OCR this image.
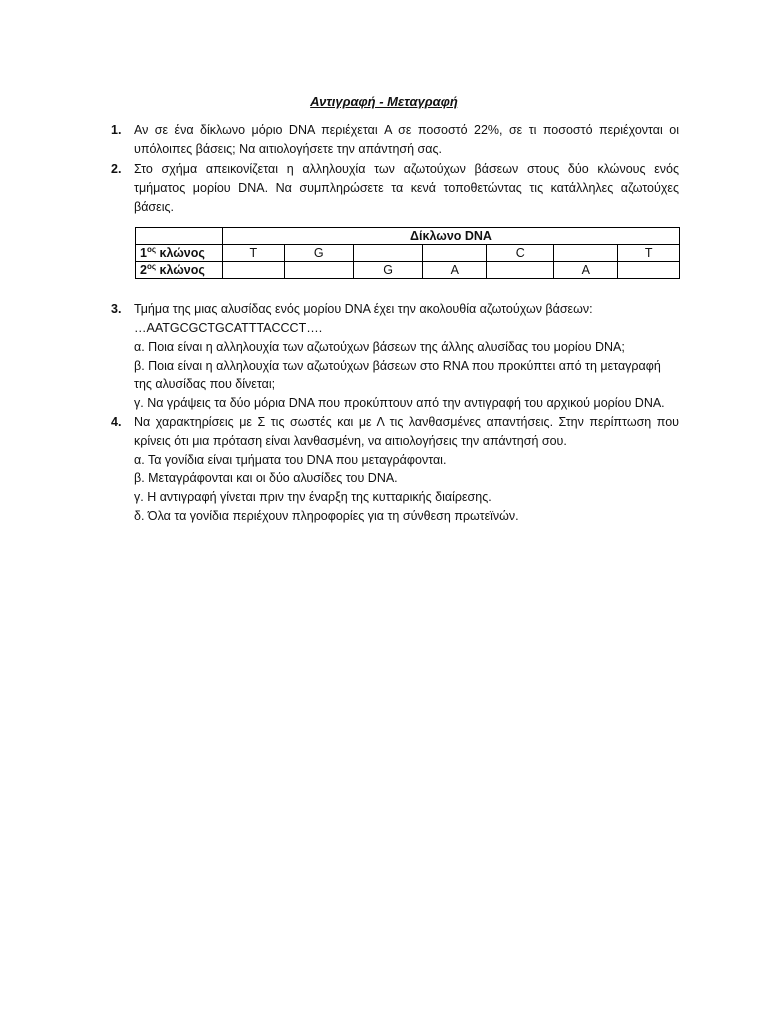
Αντιγραφή - Μεταγραφή
1. Αν σε ένα δίκλωνο μόριο DNA περιέχεται A σε ποσοστό 22%, σε τι ποσοστό περιέχονται οι
υπόλοιπες βάσεις; Να αιτιολογήσετε την απάντησή σας.
2. Στο σχήμα απεικονίζεται η αλληλουχία των αζωτούχων βάσεων στους δύο κλώνους ενός
τμήματος μορίου DNA. Να συμπληρώσετε τα κενά τοποθετώντας τις κατάλληλες αζωτούχες
βάσεις.
	Δίκλωνο DNA						
$1^{o\varsigma}$ κλώνος	T	G			C		T
$2^{o\varsigma}$ κλώνος			G	A		A	
3. Τμήμα της μιας αλυσίδας ενός μορίου DNA έχει την ακολουθία αζωτούχων βάσεων:
…AATGCGCTGCATTTACCCT….
α. Ποια είναι η αλληλουχία των αζωτούχων βάσεων της άλλης αλυσίδας του μορίου DNA;
β. Ποια είναι η αλληλουχία των αζωτούχων βάσεων στο RNA που προκύπτει από τη μεταγραφή
της αλυσίδας που δίνεται;
γ. Να γράψεις τα δύο μόρια DNA που προκύπτουν από την αντιγραφή του αρχικού μορίου DNA.
4. Να χαρακτηρίσεις με Σ τις σωστές και με Λ τις λανθασμένες απαντήσεις. Στην περίπτωση που
κρίνεις ότι μια πρόταση είναι λανθασμένη, να αιτιολογήσεις την απάντησή σου.
α. Τα γονίδια είναι τμήματα του DNA που μεταγράφονται.
β. Μεταγράφονται και οι δύο αλυσίδες του DNA.
γ. Η αντιγραφή γίνεται πριν την έναρξη της κυτταρικής διαίρεσης.
δ. Όλα τα γονίδια περιέχουν πληροφορίες για τη σύνθεση πρωτεϊνών.
